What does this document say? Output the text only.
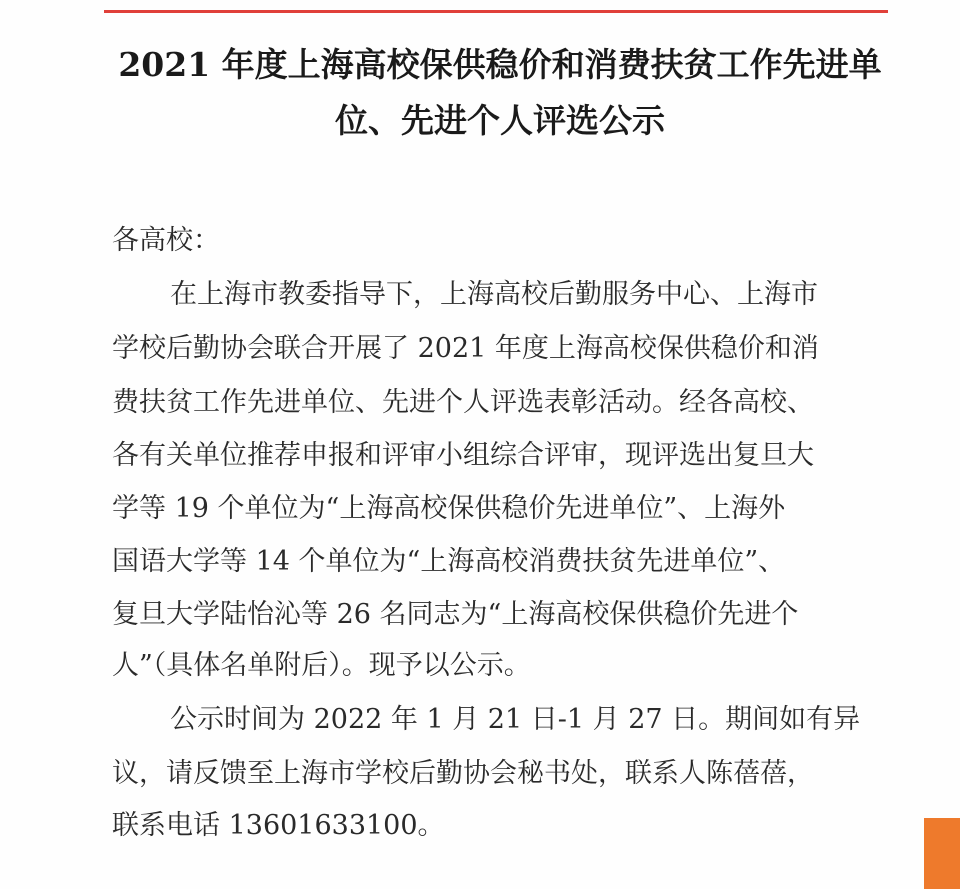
2021 年度上海高校保供稳价和消费扶贫工作先进单
位、先进个人评选公示
各高校：
在上海市教委指导下，上海高校后勤服务中心、上海市
学校后勤协会联合开展了 2021 年度上海高校保供稳价和消
费扶贫工作先进单位、先进个人评选表彰活动。经各高校、
各有关单位推荐申报和评审小组综合评审，现评选出复旦大
学等 19 个单位为“上海高校保供稳价先进单位”、上海外
国语大学等 14 个单位为“上海高校消费扶贫先进单位”、
复旦大学陆怡沁等 26 名同志为“上海高校保供稳价先进个
人”（具体名单附后）。现予以公示。
公示时间为 2022 年 1 月 21 日-1 月 27 日。期间如有异
议，请反馈至上海市学校后勤协会秘书处，联系人陈蓓蓓，
联系电话 13601633100。
